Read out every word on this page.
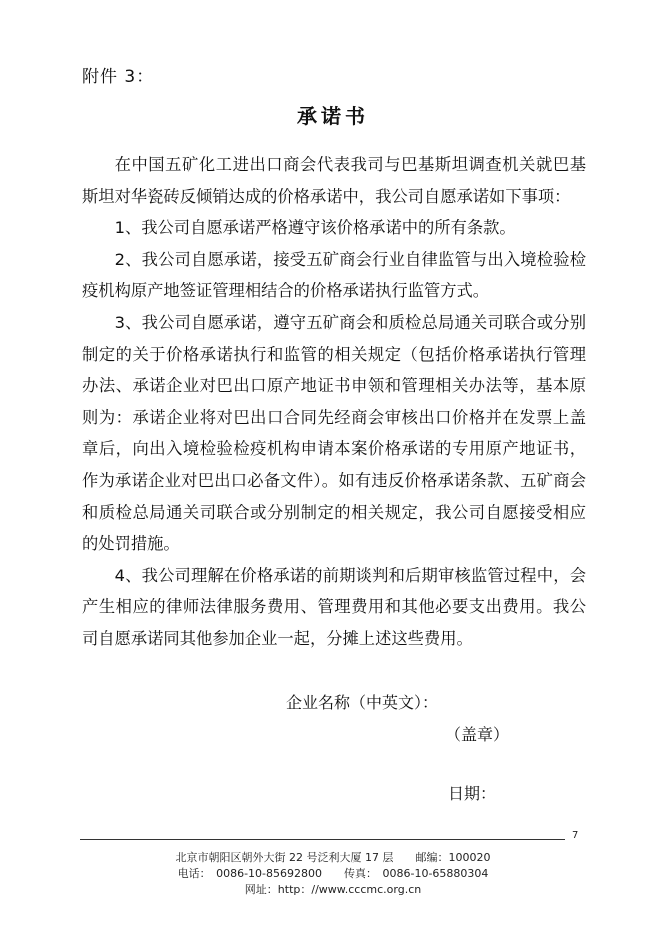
附件 3：
承诺书

在中国五矿化工进出口商会代表我司与巴基斯坦调查机关就巴基斯坦对华瓷砖反倾销达成的价格承诺中，我公司自愿承诺如下事项：

1、我公司自愿承诺严格遵守该价格承诺中的所有条款。

2、我公司自愿承诺，接受五矿商会行业自律监管与出入境检验检疫机构原产地签证管理相结合的价格承诺执行监管方式。

3、我公司自愿承诺，遵守五矿商会和质检总局通关司联合或分别制定的关于价格承诺执行和监管的相关规定（包括价格承诺执行管理办法、承诺企业对巴出口原产地证书申领和管理相关办法等，基本原则为：承诺企业将对巴出口合同先经商会审核出口价格并在发票上盖章后，向出入境检验检疫机构申请本案价格承诺的专用原产地证书，作为承诺企业对巴出口必备文件）。如有违反价格承诺条款、五矿商会和质检总局通关司联合或分别制定的相关规定，我公司自愿接受相应的处罚措施。

4、我公司理解在价格承诺的前期谈判和后期审核监管过程中，会产生相应的律师法律服务费用、管理费用和其他必要支出费用。我公司自愿承诺同其他参加企业一起，分摊上述这些费用。

企业名称（中英文）：
（盖章）
日期：
7
北京市朝阳区朝外大街 22 号泛利大厦 17 层　　邮编：100020
电话：　0086-10-85692800　　传真：　0086-10-65880304
网址：http：//www.cccmc.org.cn
